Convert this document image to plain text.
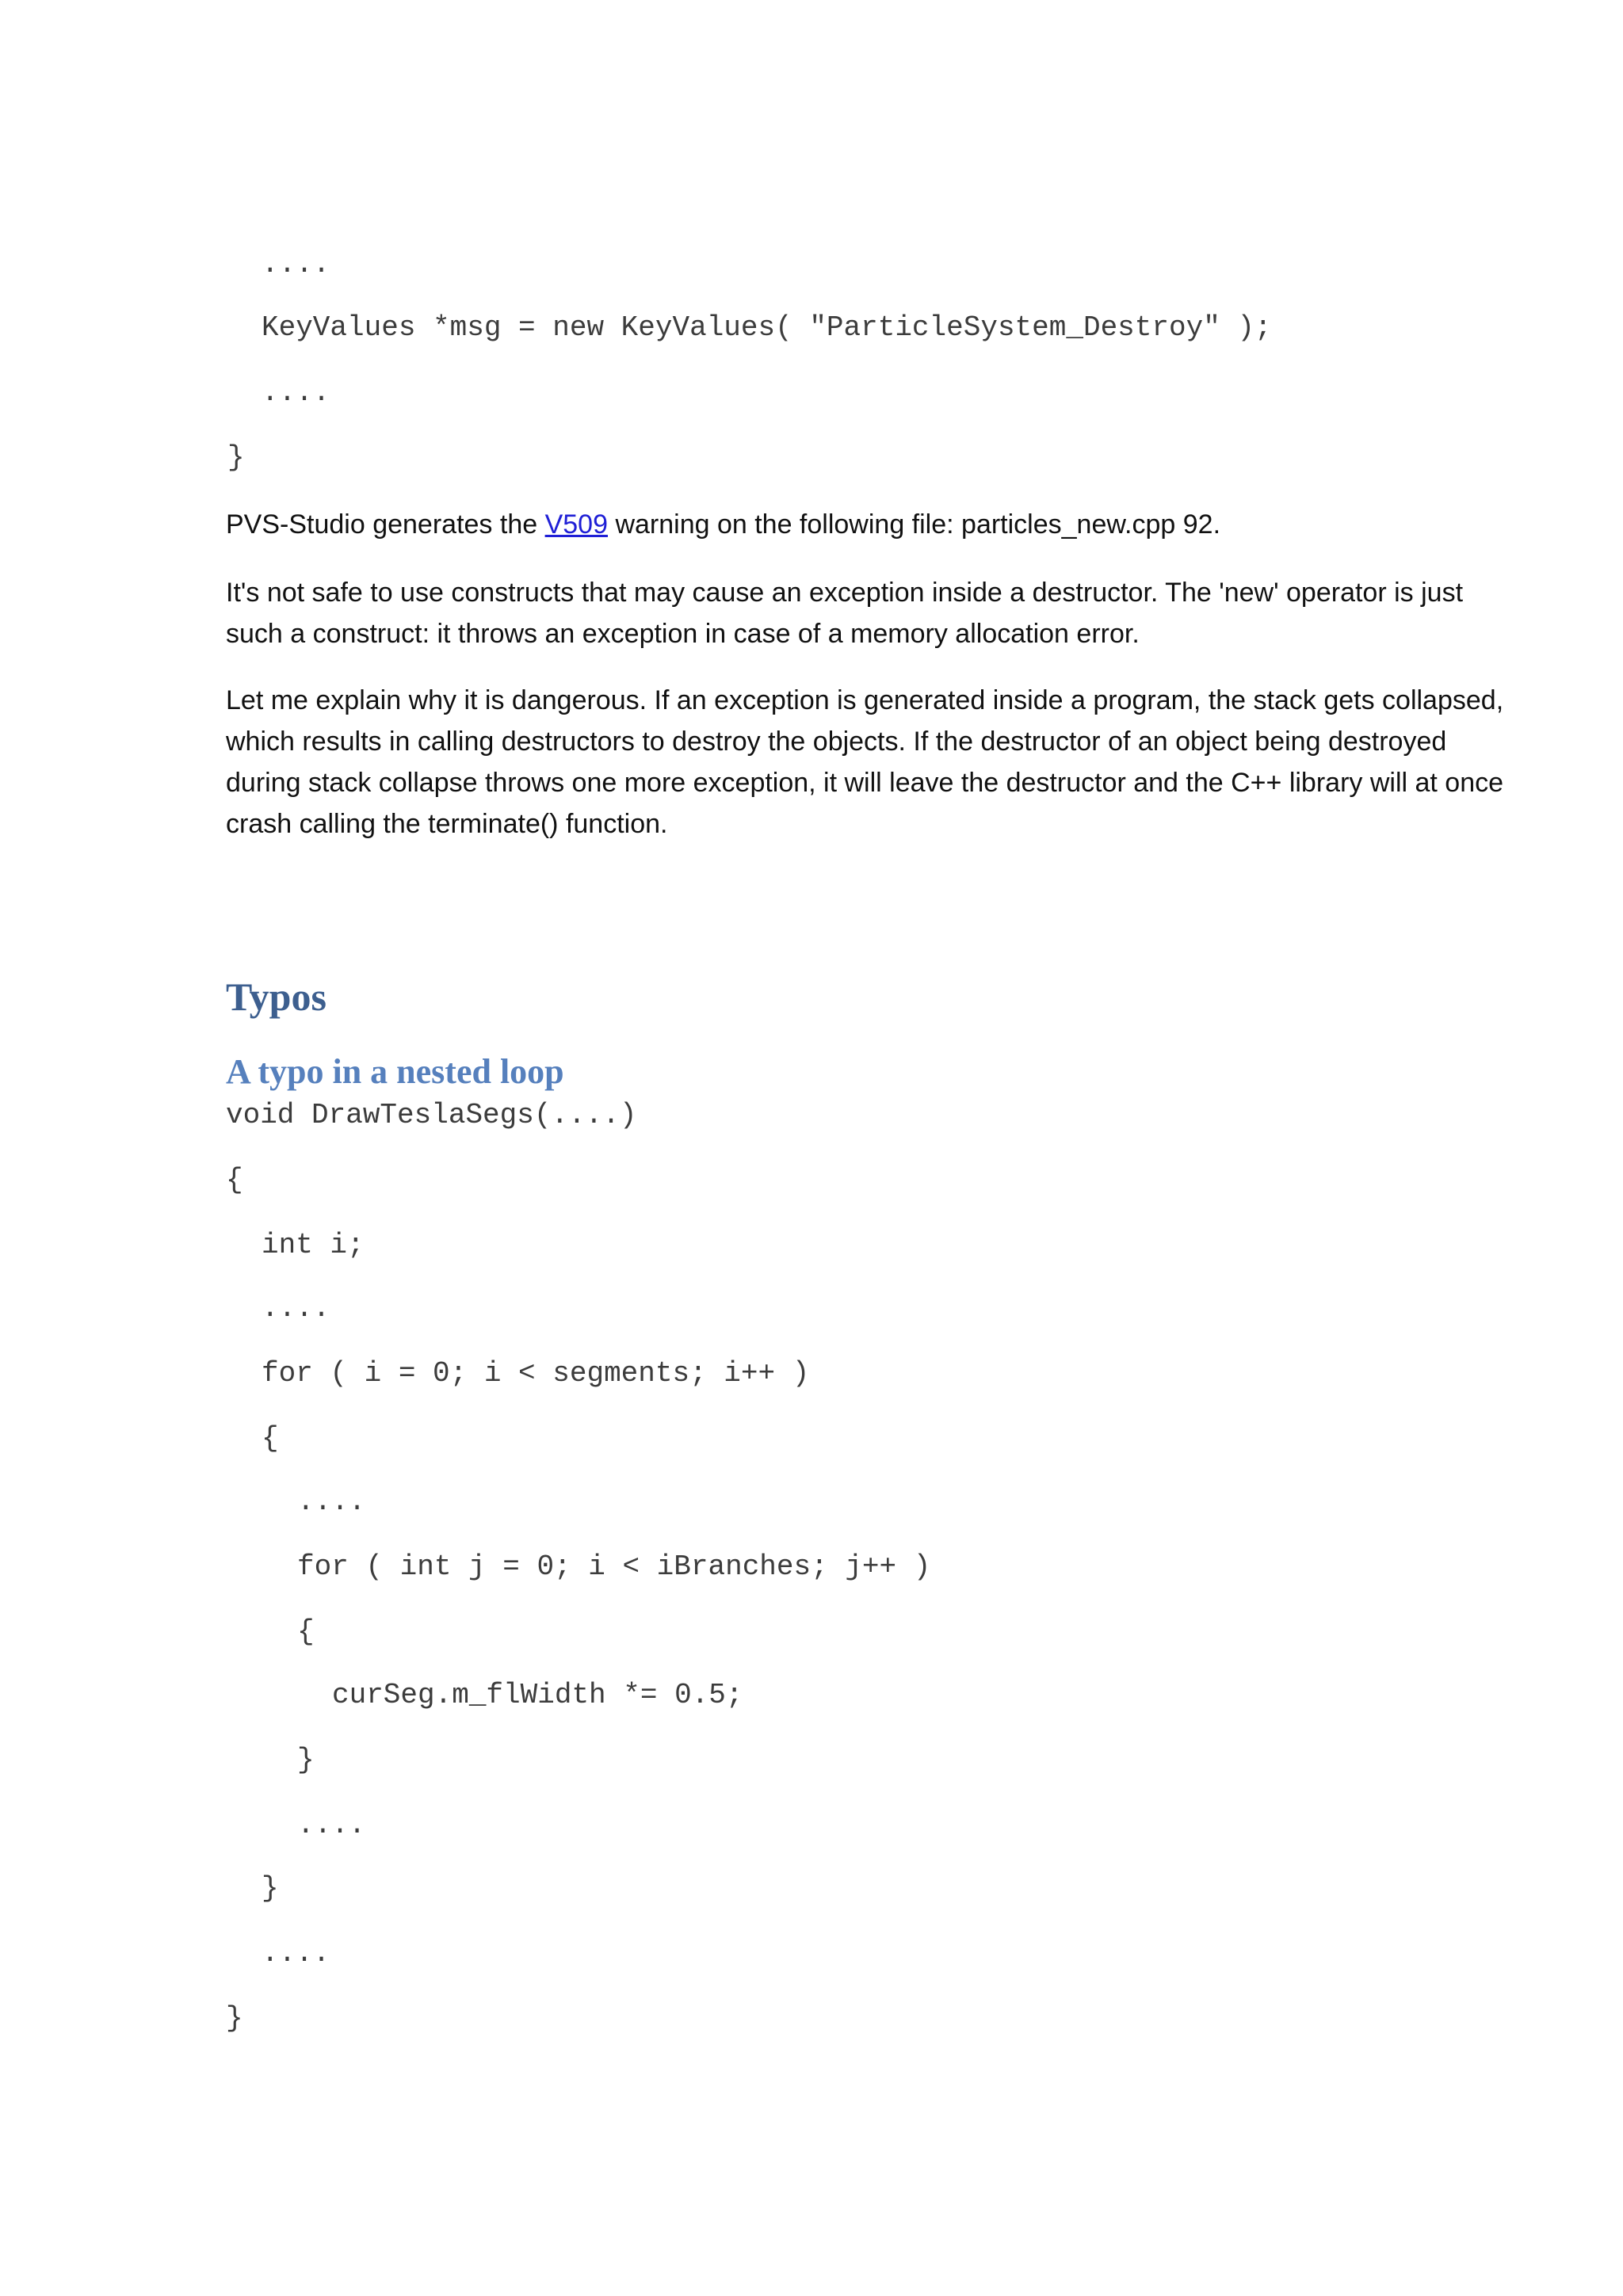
....
KeyValues *msg = new KeyValues( "ParticleSystem_Destroy" );
....
}

PVS-Studio generates the V509 warning on the following file: particles_new.cpp 92.

It's not safe to use constructs that may cause an exception inside a destructor. The 'new' operator is just such a construct: it throws an exception in case of a memory allocation error.

Let me explain why it is dangerous. If an exception is generated inside a program, the stack gets collapsed, which results in calling destructors to destroy the objects. If the destructor of an object being destroyed during stack collapse throws one more exception, it will leave the destructor and the C++ library will at once crash calling the terminate() function.

Typos
A typo in a nested loop
void DrawTeslaSegs(....)
{
int i;
....
for ( i = 0; i < segments; i++ )
{
....
for ( int j = 0; i < iBranches; j++ )
{
curSeg.m_flWidth *= 0.5;
}
....
}
....
}
